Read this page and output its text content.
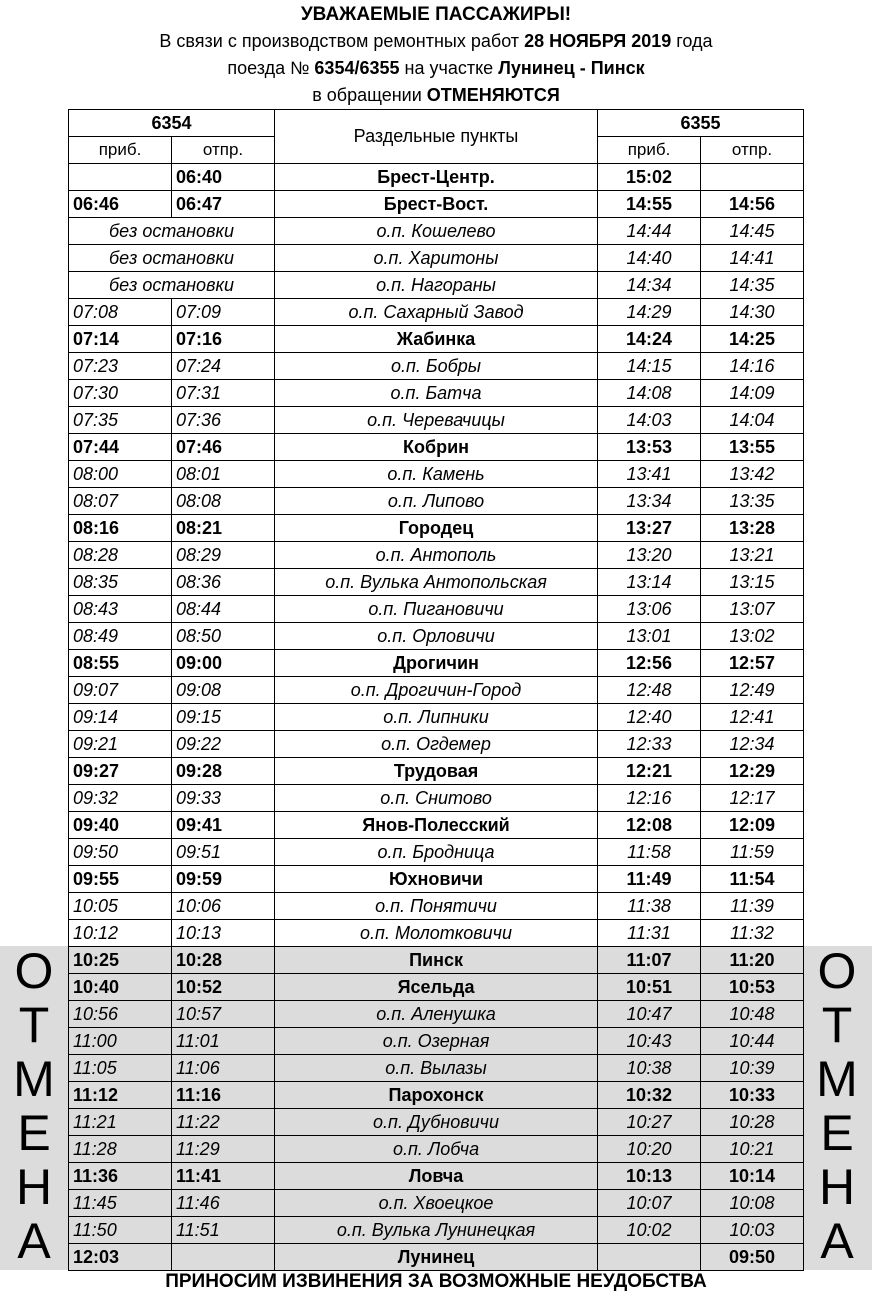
УВАЖАЕМЫЕ ПАССАЖИРЫ!
В связи с производством ремонтных работ 28 НОЯБРЯ 2019 года
поезда № 6354/6355 на участке Лунинец - Пинск
в обращении ОТМЕНЯЮТСЯ
О
Т
М
Е
Н
А
О
Т
М
Е
Н
А
6354		Раздельные пункты	6355	
приб.	отпр.		приб.	отпр.
	06:40	Брест-Центр.	15:02	
06:46	06:47	Брест-Вост.	14:55	14:56
без остановки		о.п. Кошелево	14:44	14:45
без остановки		о.п. Харитоны	14:40	14:41
без остановки		о.п. Нагораны	14:34	14:35
07:08	07:09	о.п. Сахарный Завод	14:29	14:30
07:14	07:16	Жабинка	14:24	14:25
07:23	07:24	о.п. Бобры	14:15	14:16
07:30	07:31	о.п. Батча	14:08	14:09
07:35	07:36	о.п. Черевачицы	14:03	14:04
07:44	07:46	Кобрин	13:53	13:55
08:00	08:01	о.п. Камень	13:41	13:42
08:07	08:08	о.п. Липово	13:34	13:35
08:16	08:21	Городец	13:27	13:28
08:28	08:29	о.п. Антополь	13:20	13:21
08:35	08:36	о.п. Вулька Антопольская	13:14	13:15
08:43	08:44	о.п. Пигановичи	13:06	13:07
08:49	08:50	о.п. Орловичи	13:01	13:02
08:55	09:00	Дрогичин	12:56	12:57
09:07	09:08	о.п. Дрогичин-Город	12:48	12:49
09:14	09:15	о.п. Липники	12:40	12:41
09:21	09:22	о.п. Огдемер	12:33	12:34
09:27	09:28	Трудовая	12:21	12:29
09:32	09:33	о.п. Снитово	12:16	12:17
09:40	09:41	Янов-Полесский	12:08	12:09
09:50	09:51	о.п. Бродница	11:58	11:59
09:55	09:59	Юхновичи	11:49	11:54
10:05	10:06	о.п. Понятичи	11:38	11:39
10:12	10:13	о.п. Молотковичи	11:31	11:32
10:25	10:28	Пинск	11:07	11:20
10:40	10:52	Ясельда	10:51	10:53
10:56	10:57	о.п. Аленушка	10:47	10:48
11:00	11:01	о.п. Озерная	10:43	10:44
11:05	11:06	о.п. Вылазы	10:38	10:39
11:12	11:16	Парохонск	10:32	10:33
11:21	11:22	о.п. Дубновичи	10:27	10:28
11:28	11:29	о.п. Лобча	10:20	10:21
11:36	11:41	Ловча	10:13	10:14
11:45	11:46	о.п. Хвоецкое	10:07	10:08
11:50	11:51	о.п. Вулька Лунинецкая	10:02	10:03
12:03		Лунинец		09:50
ПРИНОСИМ ИЗВИНЕНИЯ ЗА ВОЗМОЖНЫЕ НЕУДОБСТВА
